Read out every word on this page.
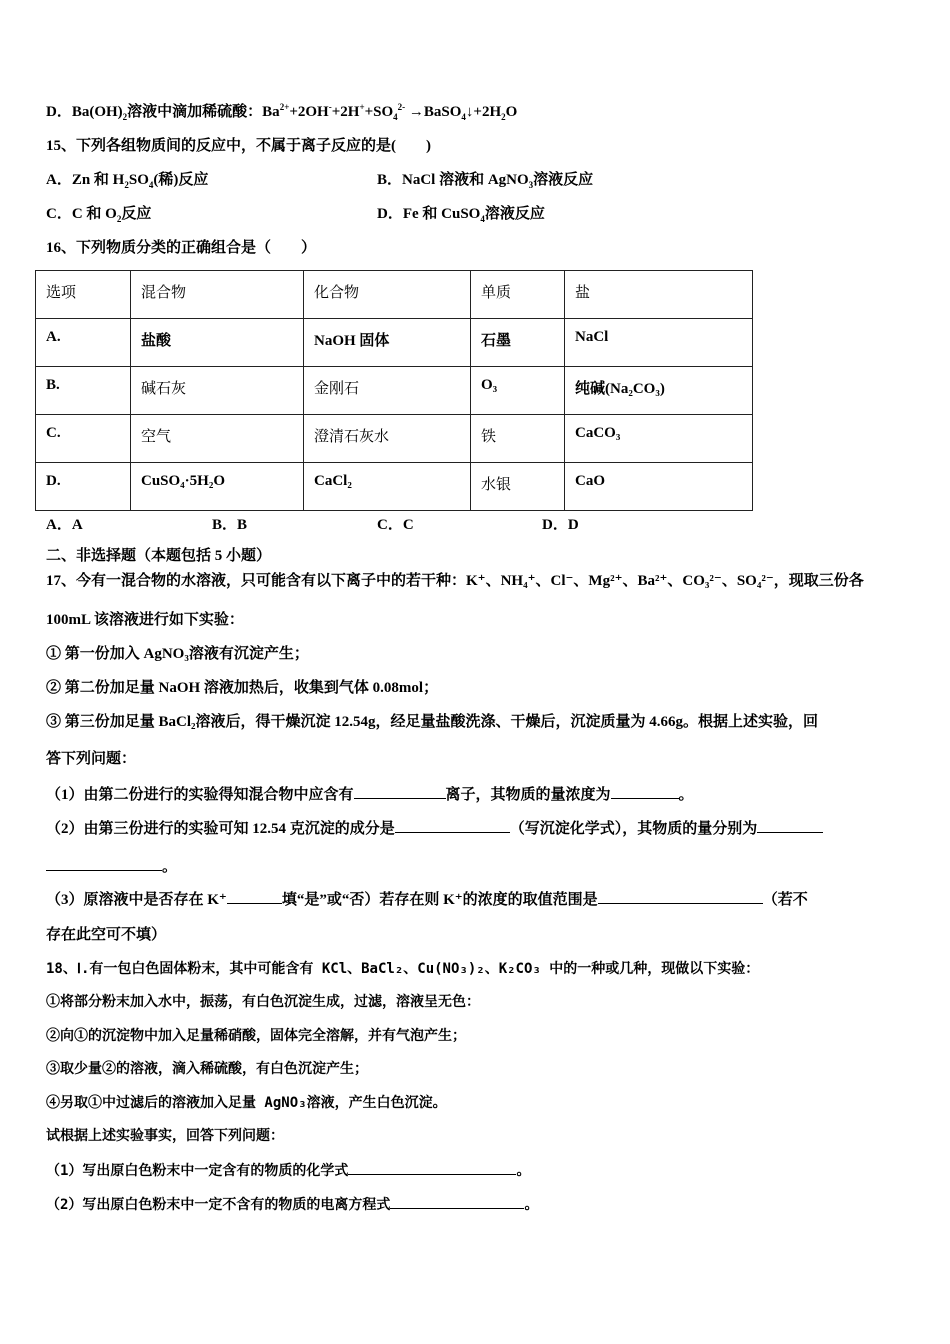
D．$Ba(OH)_2$溶液中滴加稀硫酸：$Ba^{2+}+2OH^-+2H^++SO_4^{2-}$ $\to BaSO_4↓+2H_2O$
15、下列各组物质间的反应中，不属于离子反应的是(　　)
A．Zn 和 $H_2SO_4$(稀)反应	B．NaCl 溶液和 AgNO$_3$溶液反应
C．C 和 $O_2$反应	D．Fe 和 CuSO$_4$溶液反应
16、下列物质分类的正确组合是（　　）
选项	混合物	化合物	单质	盐
A.	盐酸	NaOH 固体	石墨	NaCl
B.	碱石灰	金刚石	O₃	纯碱(Na₂CO₃)
C.	空气	澄清石灰水	铁	CaCO₃
D.	CuSO₄·5H₂O	CaCl₂	水银	CaO
A．A	B．B	C．C	D．D
二、非选择题（本题包括 5 小题）
17、今有一混合物的水溶液，只可能含有以下离子中的若干种：K⁺、NH₄⁺、Cl⁻、Mg²⁺、Ba²⁺、CO₃²⁻、SO₄²⁻，现取三份各
100mL 该溶液进行如下实验：
① 第一份加入 AgNO₃溶液有沉淀产生；
② 第二份加足量 NaOH 溶液加热后，收集到气体 0.08mol；
③ 第三份加足量 BaCl₂溶液后，得干燥沉淀 12.54g，经足量盐酸洗涤、干燥后，沉淀质量为 4.66g。根据上述实验，回
答下列问题：
（1）由第二份进行的实验得知混合物中应含有	离子，其物质的量浓度为	。
（2）由第三份进行的实验可知 12.54 克沉淀的成分是	（写沉淀化学式），其物质的量分别为
。
（3）原溶液中是否存在 K⁺	填“是”或“否）若存在则 K⁺的浓度的取值范围是	（若不
存在此空可不填）
18、Ⅰ.有一包白色固体粉末，其中可能含有 KCl、BaCl₂、Cu(NO₃)₂、K₂CO₃ 中的一种或几种，现做以下实验：
①将部分粉末加入水中，振荡，有白色沉淀生成，过滤，溶液呈无色：
②向①的沉淀物中加入足量稀硝酸，固体完全溶解，并有气泡产生；
③取少量②的溶液，滴入稀硫酸，有白色沉淀产生；
④另取①中过滤后的溶液加入足量 AgNO₃溶液，产生白色沉淀。
试根据上述实验事实，回答下列问题：
（1）写出原白色粉末中一定含有的物质的化学式	。
（2）写出原白色粉末中一定不含有的物质的电离方程式	。
